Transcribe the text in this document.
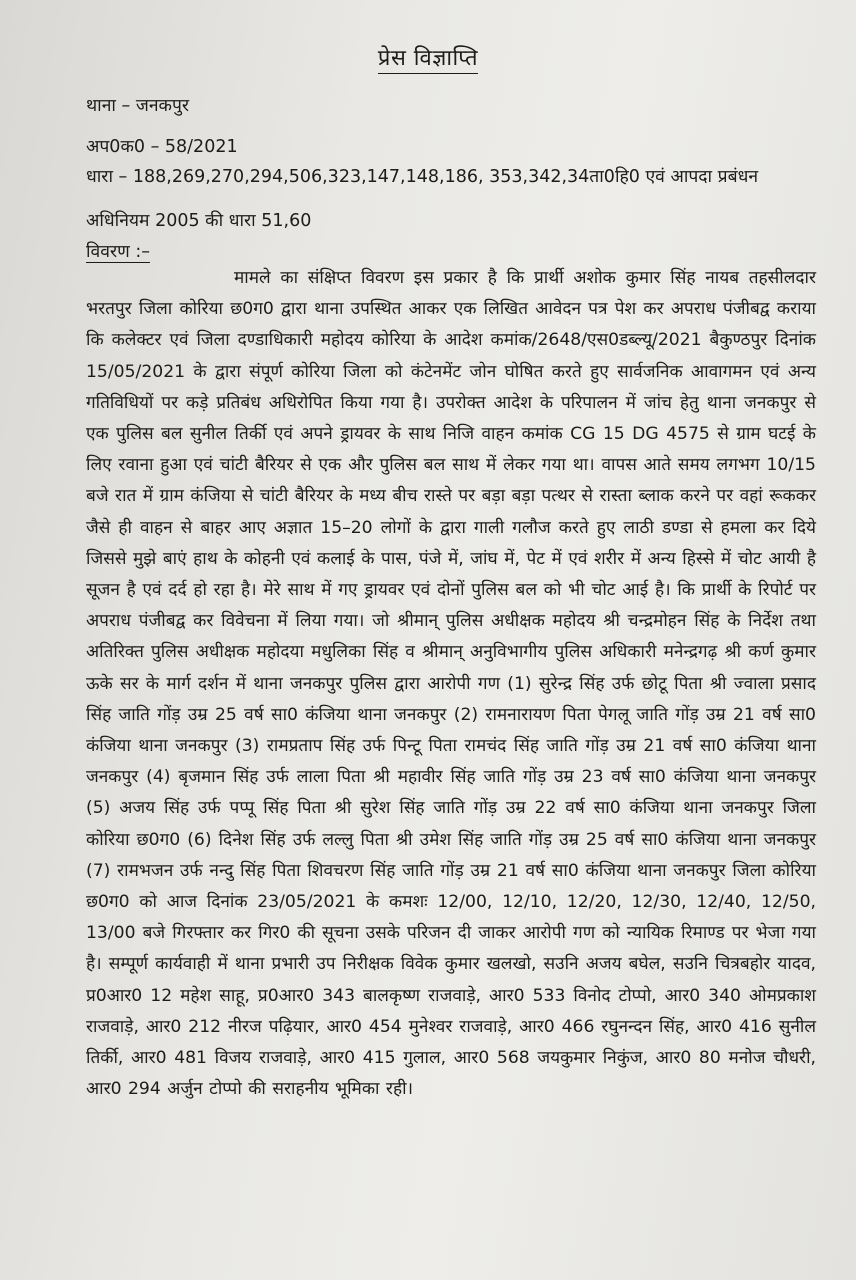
प्रेस विज्ञाप्ति
थाना – जनकपुर
अप0क0 – 58/2021
धारा – 188,269,270,294,506,323,147,148,186, 353,342,34ता0हि0 एवं आपदा प्रबंधन अधिनियम 2005 की धारा 51,60
विवरण :–
मामले का संक्षिप्त विवरण इस प्रकार है कि प्रार्थी अशोक कुमार सिंह नायब तहसीलदार भरतपुर जिला कोरिया छ0ग0 द्वारा थाना उपस्थित आकर एक लिखित आवेदन पत्र पेश कर अपराध पंजीबद्व कराया कि कलेक्टर एवं जिला दण्डाधिकारी महोदय कोरिया के आदेश कमांक/2648/एस0डब्ल्यू/2021 बैकुण्ठपुर दिनांक 15/05/2021 के द्वारा संपूर्ण कोरिया जिला को कंटेनमेंट जोन घोषित करते हुए सार्वजनिक आवागमन एवं अन्य गतिविधियों पर कड़े प्रतिबंध अधिरोपित किया गया है। उपरोक्त आदेश के परिपालन में जांच हेतु थाना जनकपुर से एक पुलिस बल सुनील तिर्की एवं अपने ड्रायवर के साथ निजि वाहन कमांक CG 15 DG 4575 से ग्राम घटई के लिए रवाना हुआ एवं चांटी बैरियर से एक और पुलिस बल साथ में लेकर गया था। वापस आते समय लगभग 10/15 बजे रात में ग्राम कंजिया से चांटी बैरियर के मध्य बीच रास्ते पर बड़ा बड़ा पत्थर से रास्ता ब्लाक करने पर वहां रूककर जैसे ही वाहन से बाहर आए अज्ञात 15–20 लोगों के द्वारा गाली गलौज करते हुए लाठी डण्डा से हमला कर दिये जिससे मुझे बाएं हाथ के कोहनी एवं कलाई के पास, पंजे में, जांघ में, पेट में एवं शरीर में अन्य हिस्से में चोट आयी है सूजन है एवं दर्द हो रहा है। मेरे साथ में गए ड्रायवर एवं दोनों पुलिस बल को भी चोट आई है। कि प्रार्थी के रिपोर्ट पर अपराध पंजीबद्व कर विवेचना में लिया गया। जो श्रीमान् पुलिस अधीक्षक महोदय श्री चन्द्रमोहन सिंह के निर्देश तथा अतिरिक्त पुलिस अधीक्षक महोदया मधुलिका सिंह व श्रीमान् अनुविभागीय पुलिस अधिकारी मनेन्द्रगढ़ श्री कर्ण कुमार ऊके सर के मार्ग दर्शन में थाना जनकपुर पुलिस द्वारा आरोपी गण (1) सुरेन्द्र सिंह उर्फ छोटू पिता श्री ज्वाला प्रसाद सिंह जाति गोंड़ उम्र 25 वर्ष सा0 कंजिया थाना जनकपुर (2) रामनारायण पिता पेगलू जाति गोंड़ उम्र 21 वर्ष सा0 कंजिया थाना जनकपुर (3) रामप्रताप सिंह उर्फ पिन्टू पिता रामचंद सिंह जाति गोंड़ उम्र 21 वर्ष सा0 कंजिया थाना जनकपुर (4) बृजमान सिंह उर्फ लाला पिता श्री महावीर सिंह जाति गोंड़ उम्र 23 वर्ष सा0 कंजिया थाना जनकपुर (5) अजय सिंह उर्फ पप्पू सिंह पिता श्री सुरेश सिंह जाति गोंड़ उम्र 22 वर्ष सा0 कंजिया थाना जनकपुर जिला कोरिया छ0ग0 (6) दिनेश सिंह उर्फ लल्लु पिता श्री उमेश सिंह जाति गोंड़ उम्र 25 वर्ष सा0 कंजिया थाना जनकपुर (7) रामभजन उर्फ नन्दु सिंह पिता शिवचरण सिंह जाति गोंड़ उम्र 21 वर्ष सा0 कंजिया थाना जनकपुर जिला कोरिया छ0ग0 को आज दिनांक 23/05/2021 के कमशः 12/00, 12/10, 12/20, 12/30, 12/40, 12/50, 13/00 बजे गिरफ्तार कर गिर0 की सूचना उसके परिजन दी जाकर आरोपी गण को न्यायिक रिमाण्ड पर भेजा गया है। सम्पूर्ण कार्यवाही में थाना प्रभारी उप निरीक्षक विवेक कुमार खलखो, सउनि अजय बघेल, सउनि चित्रबहोर यादव, प्र0आर0 12 महेश साहू, प्र0आर0 343 बालकृष्ण राजवाड़े, आर0 533 विनोद टोप्पो, आर0 340 ओमप्रकाश राजवाड़े, आर0 212 नीरज पढ़ियार, आर0 454 मुनेश्वर राजवाड़े, आर0 466 रघुनन्दन सिंह, आर0 416 सुनील तिर्की, आर0 481 विजय राजवाड़े, आर0 415 गुलाल, आर0 568 जयकुमार निकुंज, आर0 80 मनोज चौधरी, आर0 294 अर्जुन टोप्पो की सराहनीय भूमिका रही।
